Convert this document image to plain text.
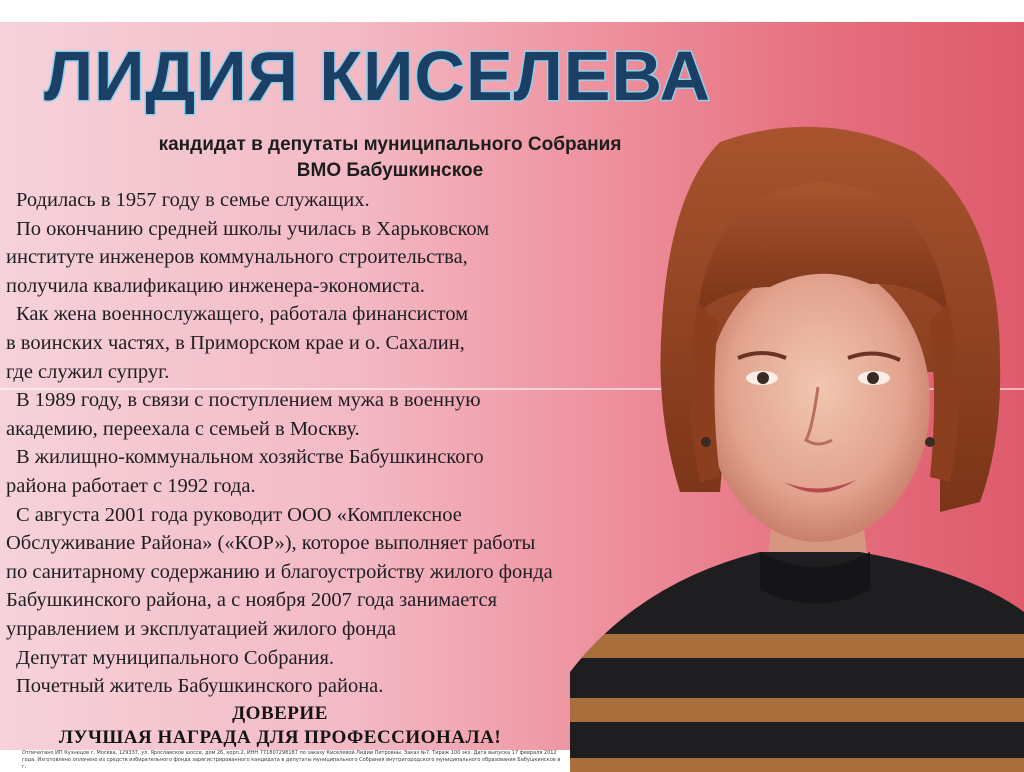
ЛИДИЯ КИСЕЛЕВА
кандидат в депутаты муниципального Собрания
ВМО Бабушкинское

Родилась в 1957 году в семье служащих.

По окончанию средней школы училась в Харьковском

институте инженеров коммунального строительства,

получила квалификацию инженера-экономиста.

Как жена военнослужащего, работала финансистом

в воинских частях, в Приморском крае и о. Сахалин,

где служил супруг.

В 1989 году, в связи с поступлением мужа в военную

академию, переехала с семьей в Москву.

В жилищно-коммунальном хозяйстве Бабушкинского

района работает с 1992 года.

С августа 2001 года руководит ООО «Комплексное

Обслуживание Района» («КОР»), которое выполняет работы

по санитарному содержанию и благоустройству жилого фонда

Бабушкинского района, а с ноября 2007 года занимается

управлением и эксплуатацией жилого фонда

Депутат муниципального Собрания.

Почетный житель Бабушкинского района.

ДОВЕРИЕ
ЛУЧШАЯ НАГРАДА ДЛЯ ПРОФЕССИОНАЛА!
Отпечатано ИП Кузнецов г. Москва, 129337, ул. Ярославское шоссе, дом 26, корп.2, ИНН 771807298187 по заказу Киселевой Лидии Петровны. Заказ №7. Тираж 100 экз. Дата выпуска 17 февраля 2012
года. Изготовлено оплачено из средств избирательного фонда зарегистрированного кандидата в депутаты муниципального Собрания внутригородского муниципального образования Бабушкинское в г.
